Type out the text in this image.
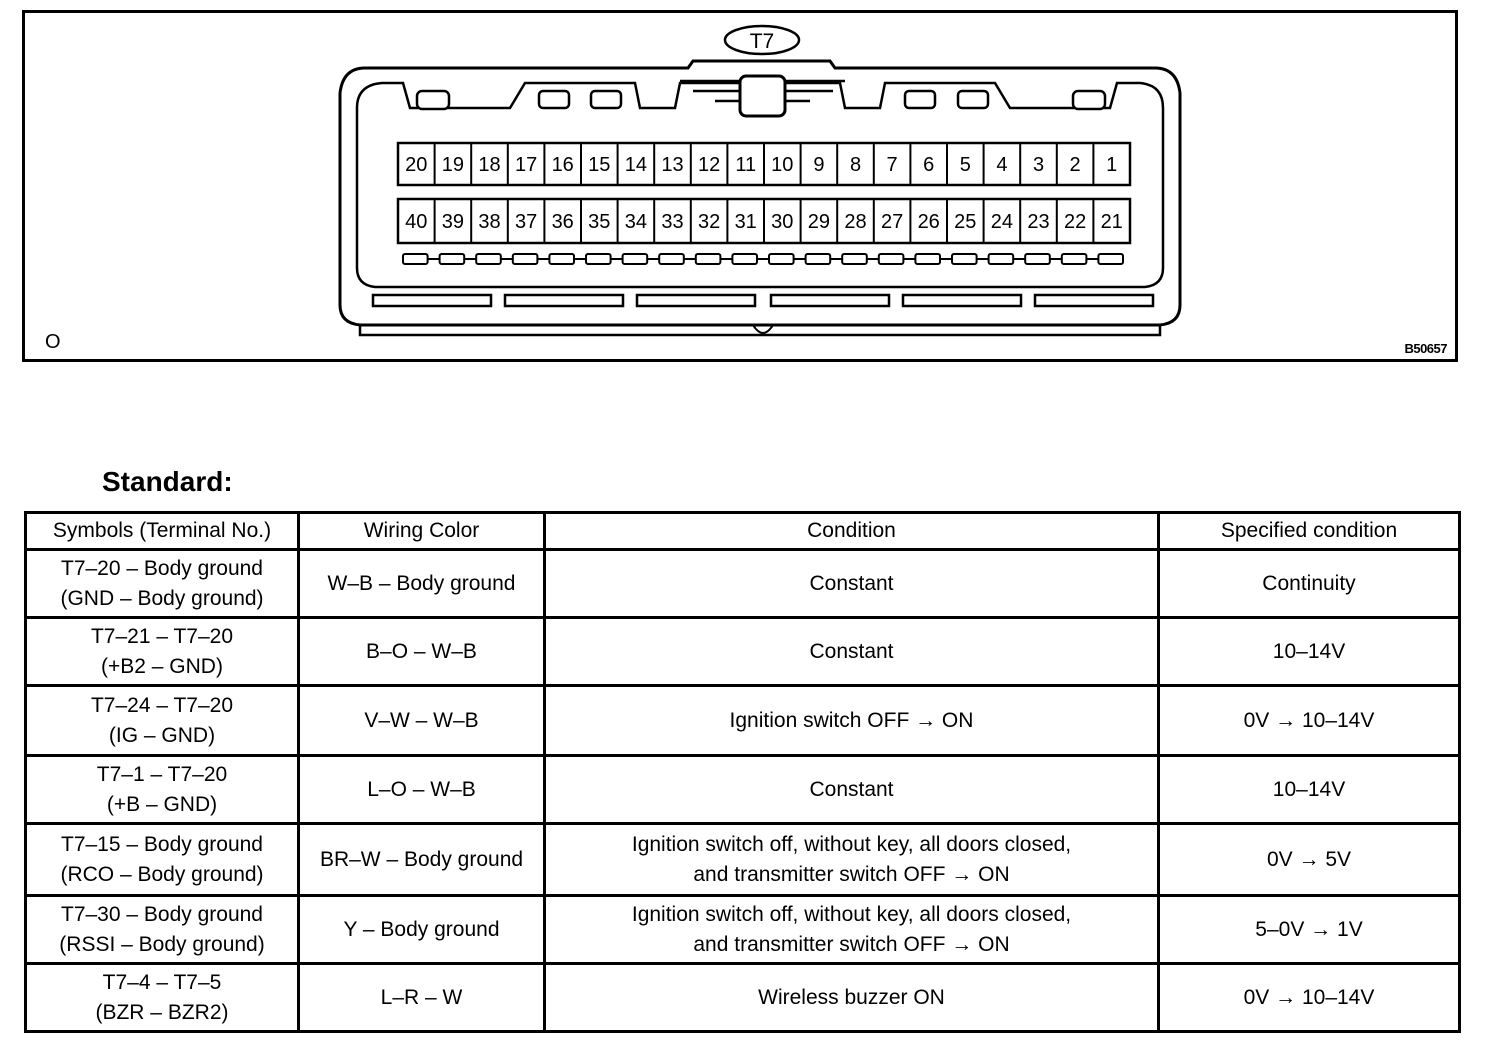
T7
20 19 18 17 16 15 14 13 12 11 10 9 8 7 6 5 4 3 2 1
40 39 38 37 36 35 34 33 32 31 30 29 28 27 26 25 24 23 22 21
O	B50657
Standard:
Symbols (Terminal No.)	Wiring Color	Condition	Specified condition

T7–20 – Body ground
(GND – Body ground)	W–B – Body ground	Constant	Continuity

T7–21 – T7–20
(+B2 – GND)	B–O – W–B	Constant	10–14V

T7–24 – T7–20
(IG – GND)	V–W – W–B	Ignition switch OFF → ON	0V → 10–14V

T7–1 – T7–20
(+B – GND)	L–O – W–B	Constant	10–14V

T7–15 – Body ground
(RCO – Body ground)	BR–W – Body ground	Ignition switch off, without key, all doors closed,
and transmitter switch OFF → ON	0V → 5V

T7–30 – Body ground
(RSSI – Body ground)	Y – Body ground	Ignition switch off, without key, all doors closed,
and transmitter switch OFF → ON	5–0V → 1V

T7–4 – T7–5
(BZR – BZR2)	L–R – W	Wireless buzzer ON	0V → 10–14V
